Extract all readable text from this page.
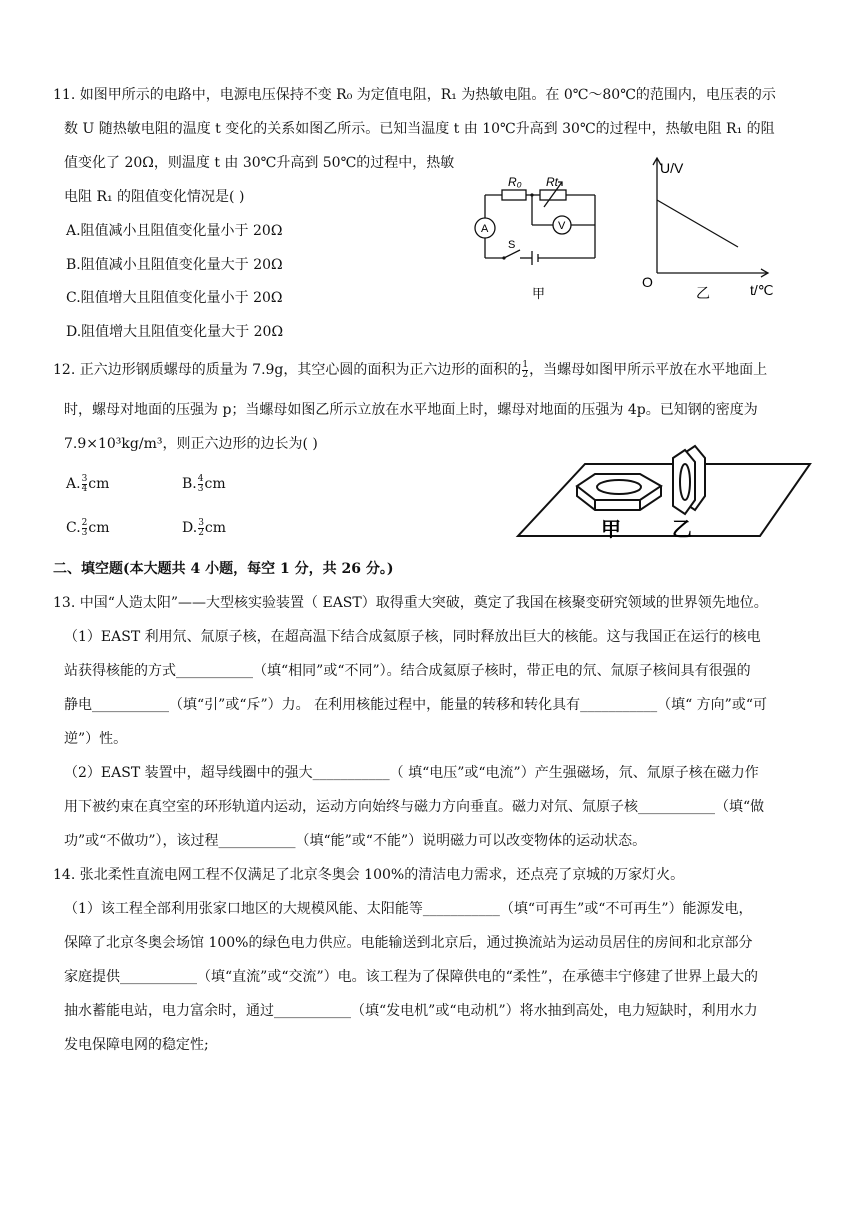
11. 如图甲所示的电路中，电源电压保持不变 R₀ 为定值电阻，R₁ 为热敏电阻。在 0℃～80℃的范围内，电压表的示
数 U 随热敏电阻的温度 t 变化的关系如图乙所示。已知当温度 t 由 10℃升高到 30℃的过程中，热敏电阻 R₁ 的阻
值变化了 20Ω，则温度 t 由 30℃升高到 50℃的过程中，热敏
电阻 R₁ 的阻值变化情况是( )
A.阻值减小且阻值变化量小于 20Ω
B.阻值减小且阻值变化量大于 20Ω
C.阻值增大且阻值变化量小于 20Ω
D.阻值增大且阻值变化量大于 20Ω
R₀ Rt
A	V
S
甲
U/V
O	t/℃
乙
12. 正六边形钢质螺母的质量为 7.9g，其空心圆的面积为正六边形的面积的 $\frac{1}{2}$ ，当螺母如图甲所示平放在水平地面上
时，螺母对地面的压强为 p；当螺母如图乙所示立放在水平地面上时，螺母对地面的压强为 4p。已知钢的密度为
7.9×10³kg/m³，则正六边形的边长为( )
A. $\frac{3}{4}$ cm	B. $\frac{4}{3}$ cm
C. $\frac{2}{3}$ cm	D. $\frac{3}{2}$ cm	甲	乙
二、填空题(本大题共 4 小题，每空 1 分，共 26 分。)
13. 中国“人造太阳”——大型核实验装置（ EAST）取得重大突破，奠定了我国在核聚变研究领域的世界领先地位。
（1）EAST 利用氘、氚原子核，在超高温下结合成氦原子核，同时释放出巨大的核能。这与我国正在运行的核电
站获得核能的方式___________（填“相同”或“不同”）。结合成氦原子核时，带正电的氘、氚原子核间具有很强的
静电___________（填“引”或“斥”）力。 在利用核能过程中，能量的转移和转化具有___________（填“ 方向”或“可
逆”）性。
（2）EAST 装置中，超导线圈中的强大___________（ 填“电压”或“电流”）产生强磁场，氘、氚原子核在磁力作
用下被约束在真空室的环形轨道内运动，运动方向始终与磁力方向垂直。磁力对氘、氚原子核___________（填“做
功”或“不做功”），该过程___________（填“能”或“不能”）说明磁力可以改变物体的运动状态。
14. 张北柔性直流电网工程不仅满足了北京冬奥会 100%的清洁电力需求，还点亮了京城的万家灯火。
（1）该工程全部利用张家口地区的大规模风能、太阳能等___________（填“可再生”或“不可再生”）能源发电，
保障了北京冬奥会场馆 100%的绿色电力供应。电能输送到北京后，通过换流站为运动员居住的房间和北京部分
家庭提供___________（填“直流”或“交流”）电。该工程为了保障供电的“柔性”，在承德丰宁修建了世界上最大的
抽水蓄能电站，电力富余时，通过___________（填“发电机”或“电动机”）将水抽到高处，电力短缺时，利用水力
发电保障电网的稳定性;
